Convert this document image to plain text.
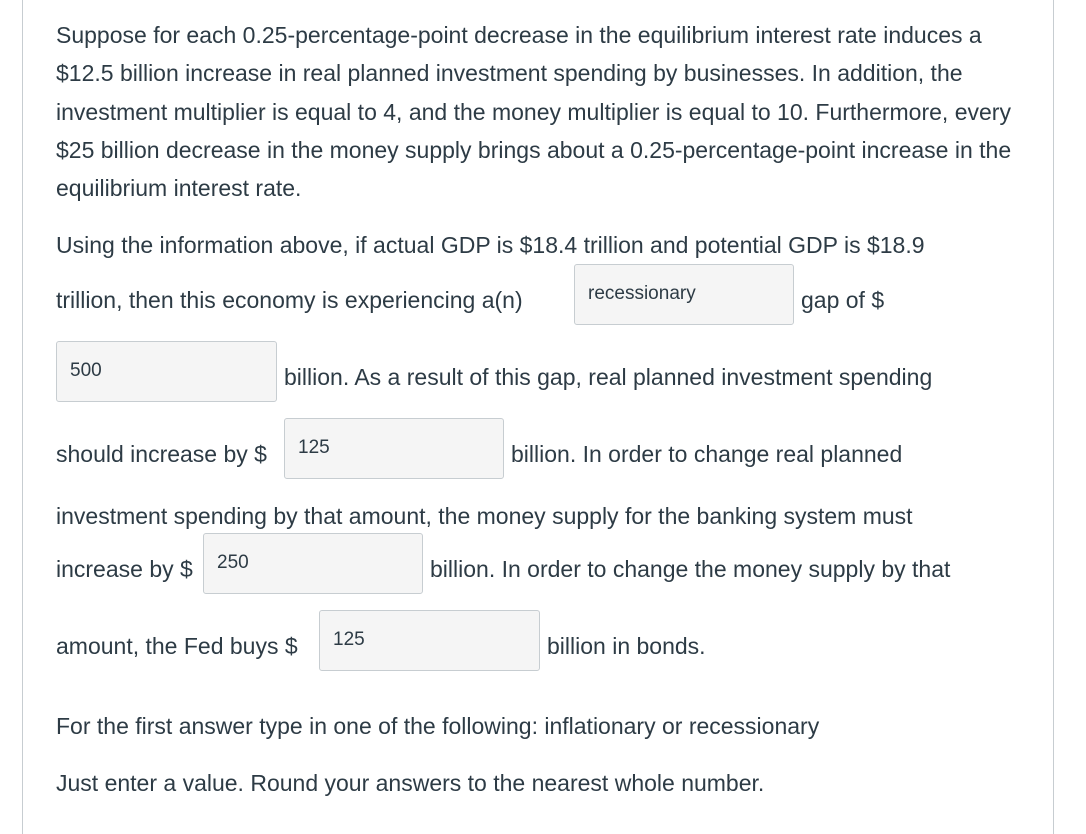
Suppose for each 0.25-percentage-point decrease in the equilibrium interest rate induces a $12.5 billion increase in real planned investment spending by businesses. In addition, the investment multiplier is equal to 4, and the money multiplier is equal to 10. Furthermore, every $25 billion decrease in the money supply brings about a 0.25-percentage-point increase in the equilibrium interest rate.
Using the information above, if actual GDP is $18.4 trillion and potential GDP is $18.9
trillion, then this economy is experiencing a(n)	recessionary	gap of $
500	billion. As a result of this gap, real planned investment spending
should increase by $ 125	billion. In order to change real planned
investment spending by that amount, the money supply for the banking system must
increase by $ 250	billion. In order to change the money supply by that
amount, the Fed buys $ 125	billion in bonds.
For the first answer type in one of the following: inflationary or recessionary
Just enter a value. Round your answers to the nearest whole number.
